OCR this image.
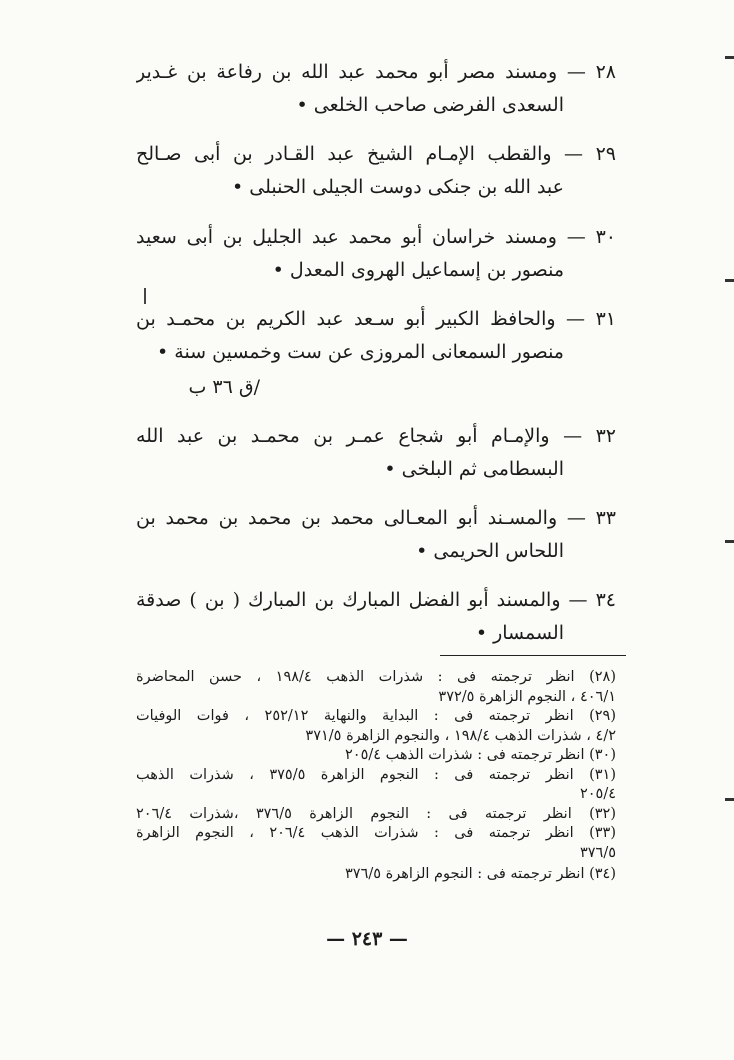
٢٨ — ومسند مصر أبو محمد عبد الله بن رفاعة بن غـدير
السعدى الفرضى صاحب الخلعى •
٢٩ — والقطب الإمـام الشيخ عبد القـادر بن أبى صـالح
عبد الله بن جنكى دوست الجيلى الحنبلى •
٣٠ — ومسند خراسان أبو محمد عبد الجليل بن أبى سعيد
منصور بن إسماعيل الهروى المعدل •
٣١ — والحافظ الكبير أبو سـعد عبد الكريم بن محمـد بن
منصور السمعانى المروزى عن ست وخمسين سنة •
/ق ٣٦ ب
٣٢ — والإمـام أبو شجاع عمـر بن محمـد بن عبد الله
البسطامى ثم البلخى •
٣٣ — والمسـند أبو المعـالى محمد بن محمد بن محمد بن
اللحاس الحريمى •
٣٤ — والمسند أبو الفضل المبارك بن المبارك ( بن ) صدقة
السمسار •
(٢٨) انظر ترجمته فى : شذرات الذهب ١٩٨/٤ ، حسن المحاضرة
٤٠٦/١ ، النجوم الزاهرة ٣٧٢/٥
(٢٩) انظر ترجمته فى : البداية والنهاية ٢٥٢/١٢ ، فوات الوفيات
٤/٢ ، شذرات الذهب ١٩٨/٤ ، والنجوم الزاهرة ٣٧١/٥
(٣٠) انظر ترجمته فى : شذرات الذهب ٢٠٥/٤
(٣١) انظر ترجمته فى : النجوم الزاهرة ٣٧٥/٥ ، شذرات الذهب
٢٠٥/٤
(٣٢) انظر ترجمته فى : النجوم الزاهرة ٣٧٦/٥ ،شذرات ٢٠٦/٤
(٣٣) انظر ترجمته فى : شذرات الذهب ٢٠٦/٤ ، النجوم الزاهرة
٣٧٦/٥
(٣٤) انظر ترجمته فى : النجوم الزاهرة ٣٧٦/٥
— ٢٤٣ —
